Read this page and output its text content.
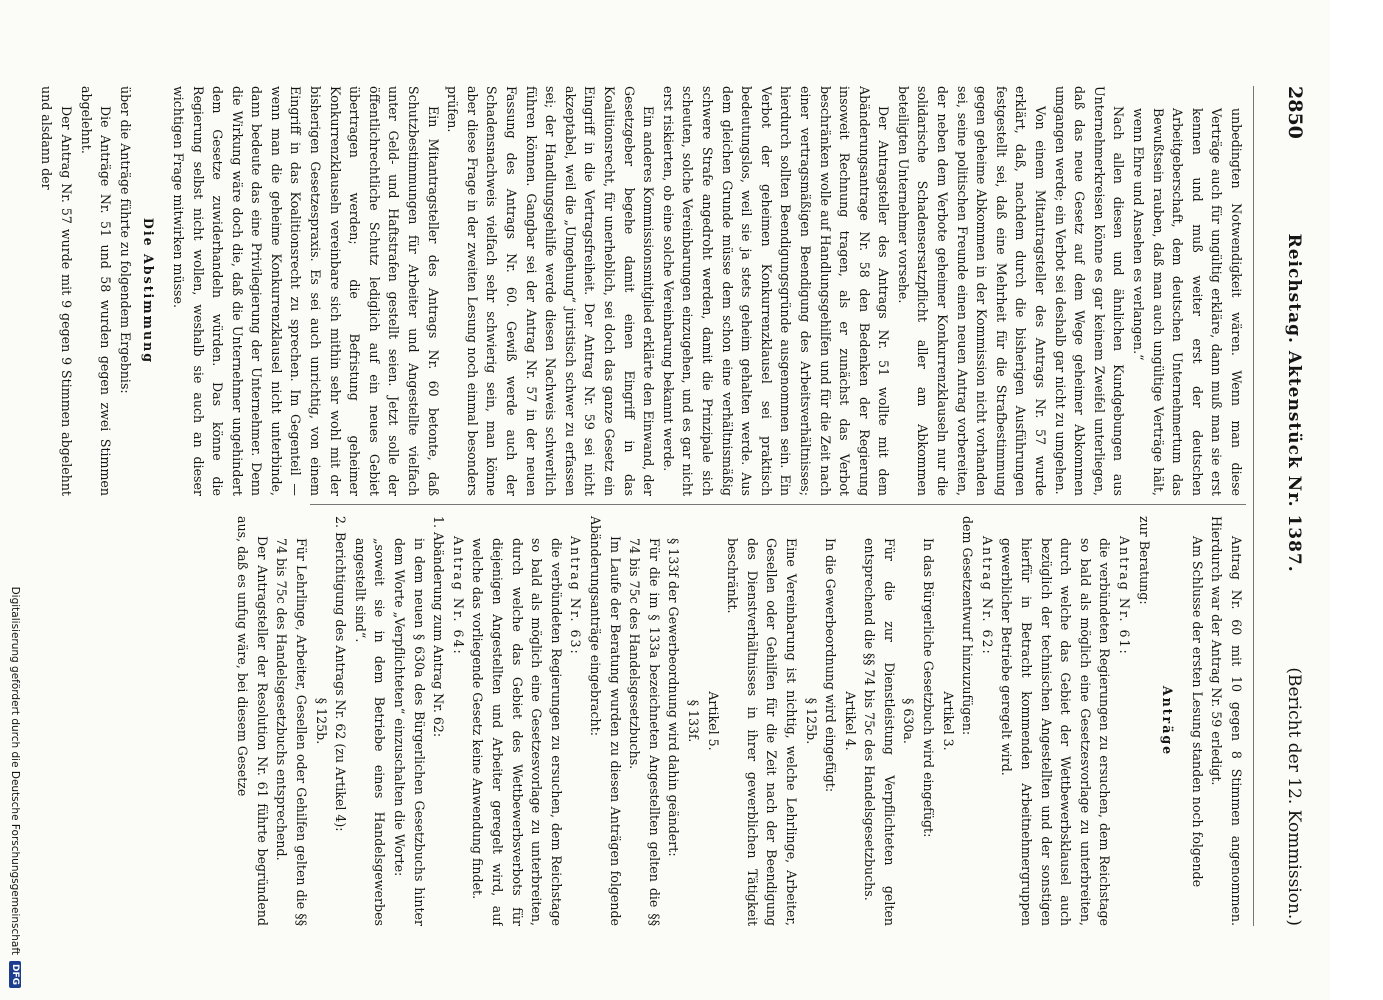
2850
Reichstag. Aktenstück Nr. 1387.
(Bericht der 12. Kommission.)

unbedingten Notwendigkeit wären. Wenn man diese Verträge auch für ungültig erkläre, dann muß man sie erst kennen und muß weiter erst der deutschen Arbeitgeberschaft, dem deutschen Unternehmertum das Bewußtsein rauben, daß man auch ungültige Verträge hält, wenn Ehre und Ansehen es verlangen.“

Nach allen diesen und ähnlichen Kundgebungen aus Unternehmerkreisen könne es gar keinem Zweifel unterliegen, daß das neue Gesetz auf dem Wege geheimer Abkommen umgangen werde; ein Verbot sei deshalb gar nicht zu umgehen.

Von einem Mitantragsteller des Antrags Nr. 57 wurde erklärt, daß, nachdem durch die bisherigen Ausführungen festgestellt sei, daß eine Mehrheit für die Strafbestimmung gegen geheime Abkommen in der Kommission nicht vorhanden sei, seine politischen Freunde einen neuen Antrag vorbereiten, der neben dem Verbote geheimer Konkurrenzklauseln nur die solidarische Schadensersatzpflicht aller am Abkommen beteiligten Unternehmer vorsehe.

Der Antragsteller des Antrags Nr. 51 wollte mit dem Abänderungsantrage Nr. 58 den Bedenken der Regierung insoweit Rechnung tragen, als er zunächst das Verbot beschränken wolle auf Handlungsgehilfen und für die Zeit nach einer vertragsmäßigen Beendigung des Arbeitsverhältnisses; hierdurch sollten Beendigungsgründe ausgenommen sein. Ein Verbot der geheimen Konkurrenzklausel sei praktisch bedeutungslos, weil sie ja stets geheim gehalten werde. Aus dem gleichen Grunde müsse dem schon eine verhältnismäßig schwere Strafe angedroht werden, damit die Prinzipale sich scheuten, solche Vereinbarungen einzugehen, und es gar nicht erst riskierten, ob eine solche Vereinbarung bekannt werde.

Ein anderes Kommissionsmitglied erklärte den Einwand, der Gesetzgeber begehe damit einen Eingriff in das Koalitionsrecht, für unerheblich, sei doch das ganze Gesetz ein Eingriff in die Vertragsfreiheit. Der Antrag Nr. 59 sei nicht akzeptabel, weil die „Umgehung“ juristisch schwer zu erfassen sei; der Handlungsgehilfe werde diesen Nachweis schwerlich führen können. Gangbar sei der Antrag Nr. 57 in der neuen Fassung des Antrags Nr. 60. Gewiß werde auch der Schadensnachweis vielfach sehr schwierig sein, man könne aber diese Frage in der zweiten Lesung noch einmal besonders prüfen.

Ein Mitantragsteller des Antrags Nr. 60 betonte, daß Schutzbestimmungen für Arbeiter und Angestellte vielfach unter Geld- und Haftstrafen gestellt seien. Jetzt solle der öffentlichrechtliche Schutz lediglich auf ein neues Gebiet übertragen werden; die Befristung geheimer Konkurrenzklauseln vereinbare sich mithin sehr wohl mit der bisherigen Gesetzespraxis. Es sei auch unrichtig, von einem Eingriff in das Koalitionsrecht zu sprechen. Im Gegenteil — wenn man die geheime Konkurrenzklausel nicht unterbinde, dann bedeute das eine Privilegierung der Unternehmer. Denn die Wirkung wäre doch die, daß die Unternehmer ungehindert dem Gesetze zuwiderhandeln würden. Das könne die Regierung selbst nicht wollen, weshalb sie auch an dieser wichtigen Frage mitwirken müsse.

Die Abstimmung

über die Anträge führte zu folgendem Ergebnis:

Die Anträge Nr. 51 und 58 wurden gegen zwei Stimmen abgelehnt.

Der Antrag Nr. 57 wurde mit 9 gegen 9 Stimmen abgelehnt und alsdann der

Antrag Nr. 60 mit 10 gegen 8 Stimmen angenommen. Hierdurch war der Antrag Nr. 59 erledigt.

Am Schlusse der ersten Lesung standen noch folgende

Anträge

zur Beratung:

Antrag Nr. 61:

die verbündeten Regierungen zu ersuchen, dem Reichstage so bald als möglich eine Gesetzesvorlage zu unterbreiten, durch welche das Gebiet der Wettbewerbsklausel auch bezüglich der technischen Angestellten und der sonstigen hierfür in Betracht kommenden Arbeitnehmergruppen gewerblicher Betriebe geregelt wird.

Antrag Nr. 62:

dem Gesetzentwurf hinzuzufügen:

Artikel 3.

In das Bürgerliche Gesetzbuch wird eingefügt:

§ 630a.

Für die zur Dienstleistung Verpflichteten gelten entsprechend die §§ 74 bis 75c des Handelsgesetzbuchs.

Artikel 4.

In die Gewerbeordnung wird eingefügt:

§ 125b.

Eine Vereinbarung ist nichtig, welche Lehrlinge, Arbeiter, Gesellen oder Gehilfen für die Zeit nach der Beendigung des Dienstverhältnisses in ihrer gewerblichen Tätigkeit beschränkt.

Artikel 5.

§ 133f.

§ 133f der Gewerbeordnung wird dahin geändert:

Für die im § 133a bezeichneten Angestellten gelten die §§ 74 bis 75c des Handelsgesetzbuchs.

Im Laufe der Beratung wurden zu diesen Anträgen folgende Abänderungsanträge eingebracht:

Antrag Nr. 63:

die verbündeten Regierungen zu ersuchen, dem Reichstage so bald als möglich eine Gesetzesvorlage zu unterbreiten, durch welche das Gebiet des Wettbewerbsverbots für diejenigen Angestellten und Arbeiter geregelt wird, auf welche das vorliegende Gesetz keine Anwendung findet.

Antrag Nr. 64:

1. Abänderung zum Antrag Nr. 62:

in dem neuen § 630a des Bürgerlichen Gesetzbuchs hinter dem Worte „Verpflichteten“ einzuschalten die Worte:

„soweit sie in dem Betriebe eines Handelsgewerbes angestellt sind“.

2. Berichtigung des Antrags Nr. 62 (zu Artikel 4):

§ 125b.

Für Lehrlinge, Arbeiter, Gesellen oder Gehilfen gelten die §§ 74 bis 75c des Handelsgesetzbuchs entsprechend.

Der Antragsteller der Resolution Nr. 61 führte begründend aus, daß es unfug wäre, bei diesem Gesetze

Digitalisierung gefördert durch die Deutsche Forschungsgemeinschaft
DFG
